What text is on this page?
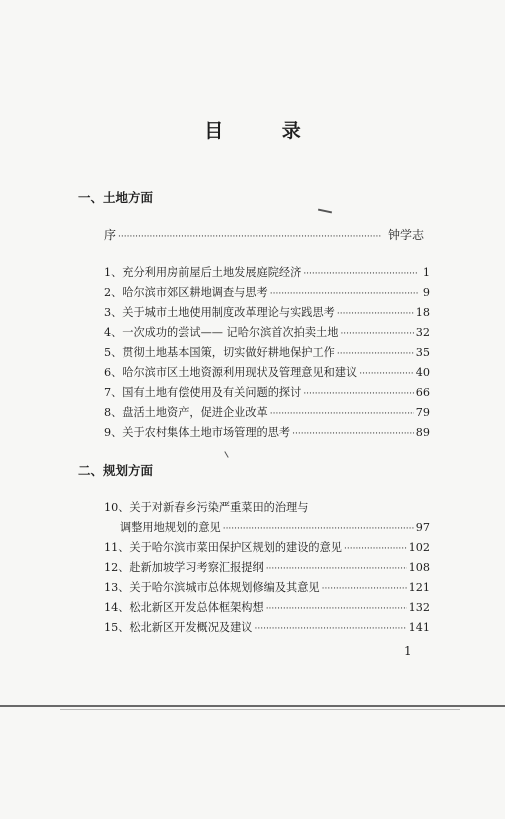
目 录
一、土地方面
序 ·····	钟学志
1、充分利用房前屋后土地发展庭院经济 ·····	1
2、哈尔滨市郊区耕地调查与思考 ·····	9
3、关于城市土地使用制度改革理论与实践思考 ·····	18
4、一次成功的尝试—— 记哈尔滨首次拍卖土地 ·····	32
5、贯彻土地基本国策，切实做好耕地保护工作 ·····	35
6、哈尔滨市区土地资源利用现状及管理意见和建议 ·····	40
7、国有土地有偿使用及有关问题的探讨 ·····	66
8、盘活土地资产，促进企业改革 ·····	79
9、关于农村集体土地市场管理的思考 ·····	89
二、规划方面
10、关于对新春乡污染严重菜田的治理与
调整用地规划的意见 ·····	97
11、关于哈尔滨市菜田保护区规划的建设的意见 ·····	102
12、赴新加坡学习考察汇报提纲 ·····	108
13、关于哈尔滨城市总体规划修编及其意见 ·····	121
14、松北新区开发总体框架构想 ·····	132
15、松北新区开发概况及建议 ·····	141
1
